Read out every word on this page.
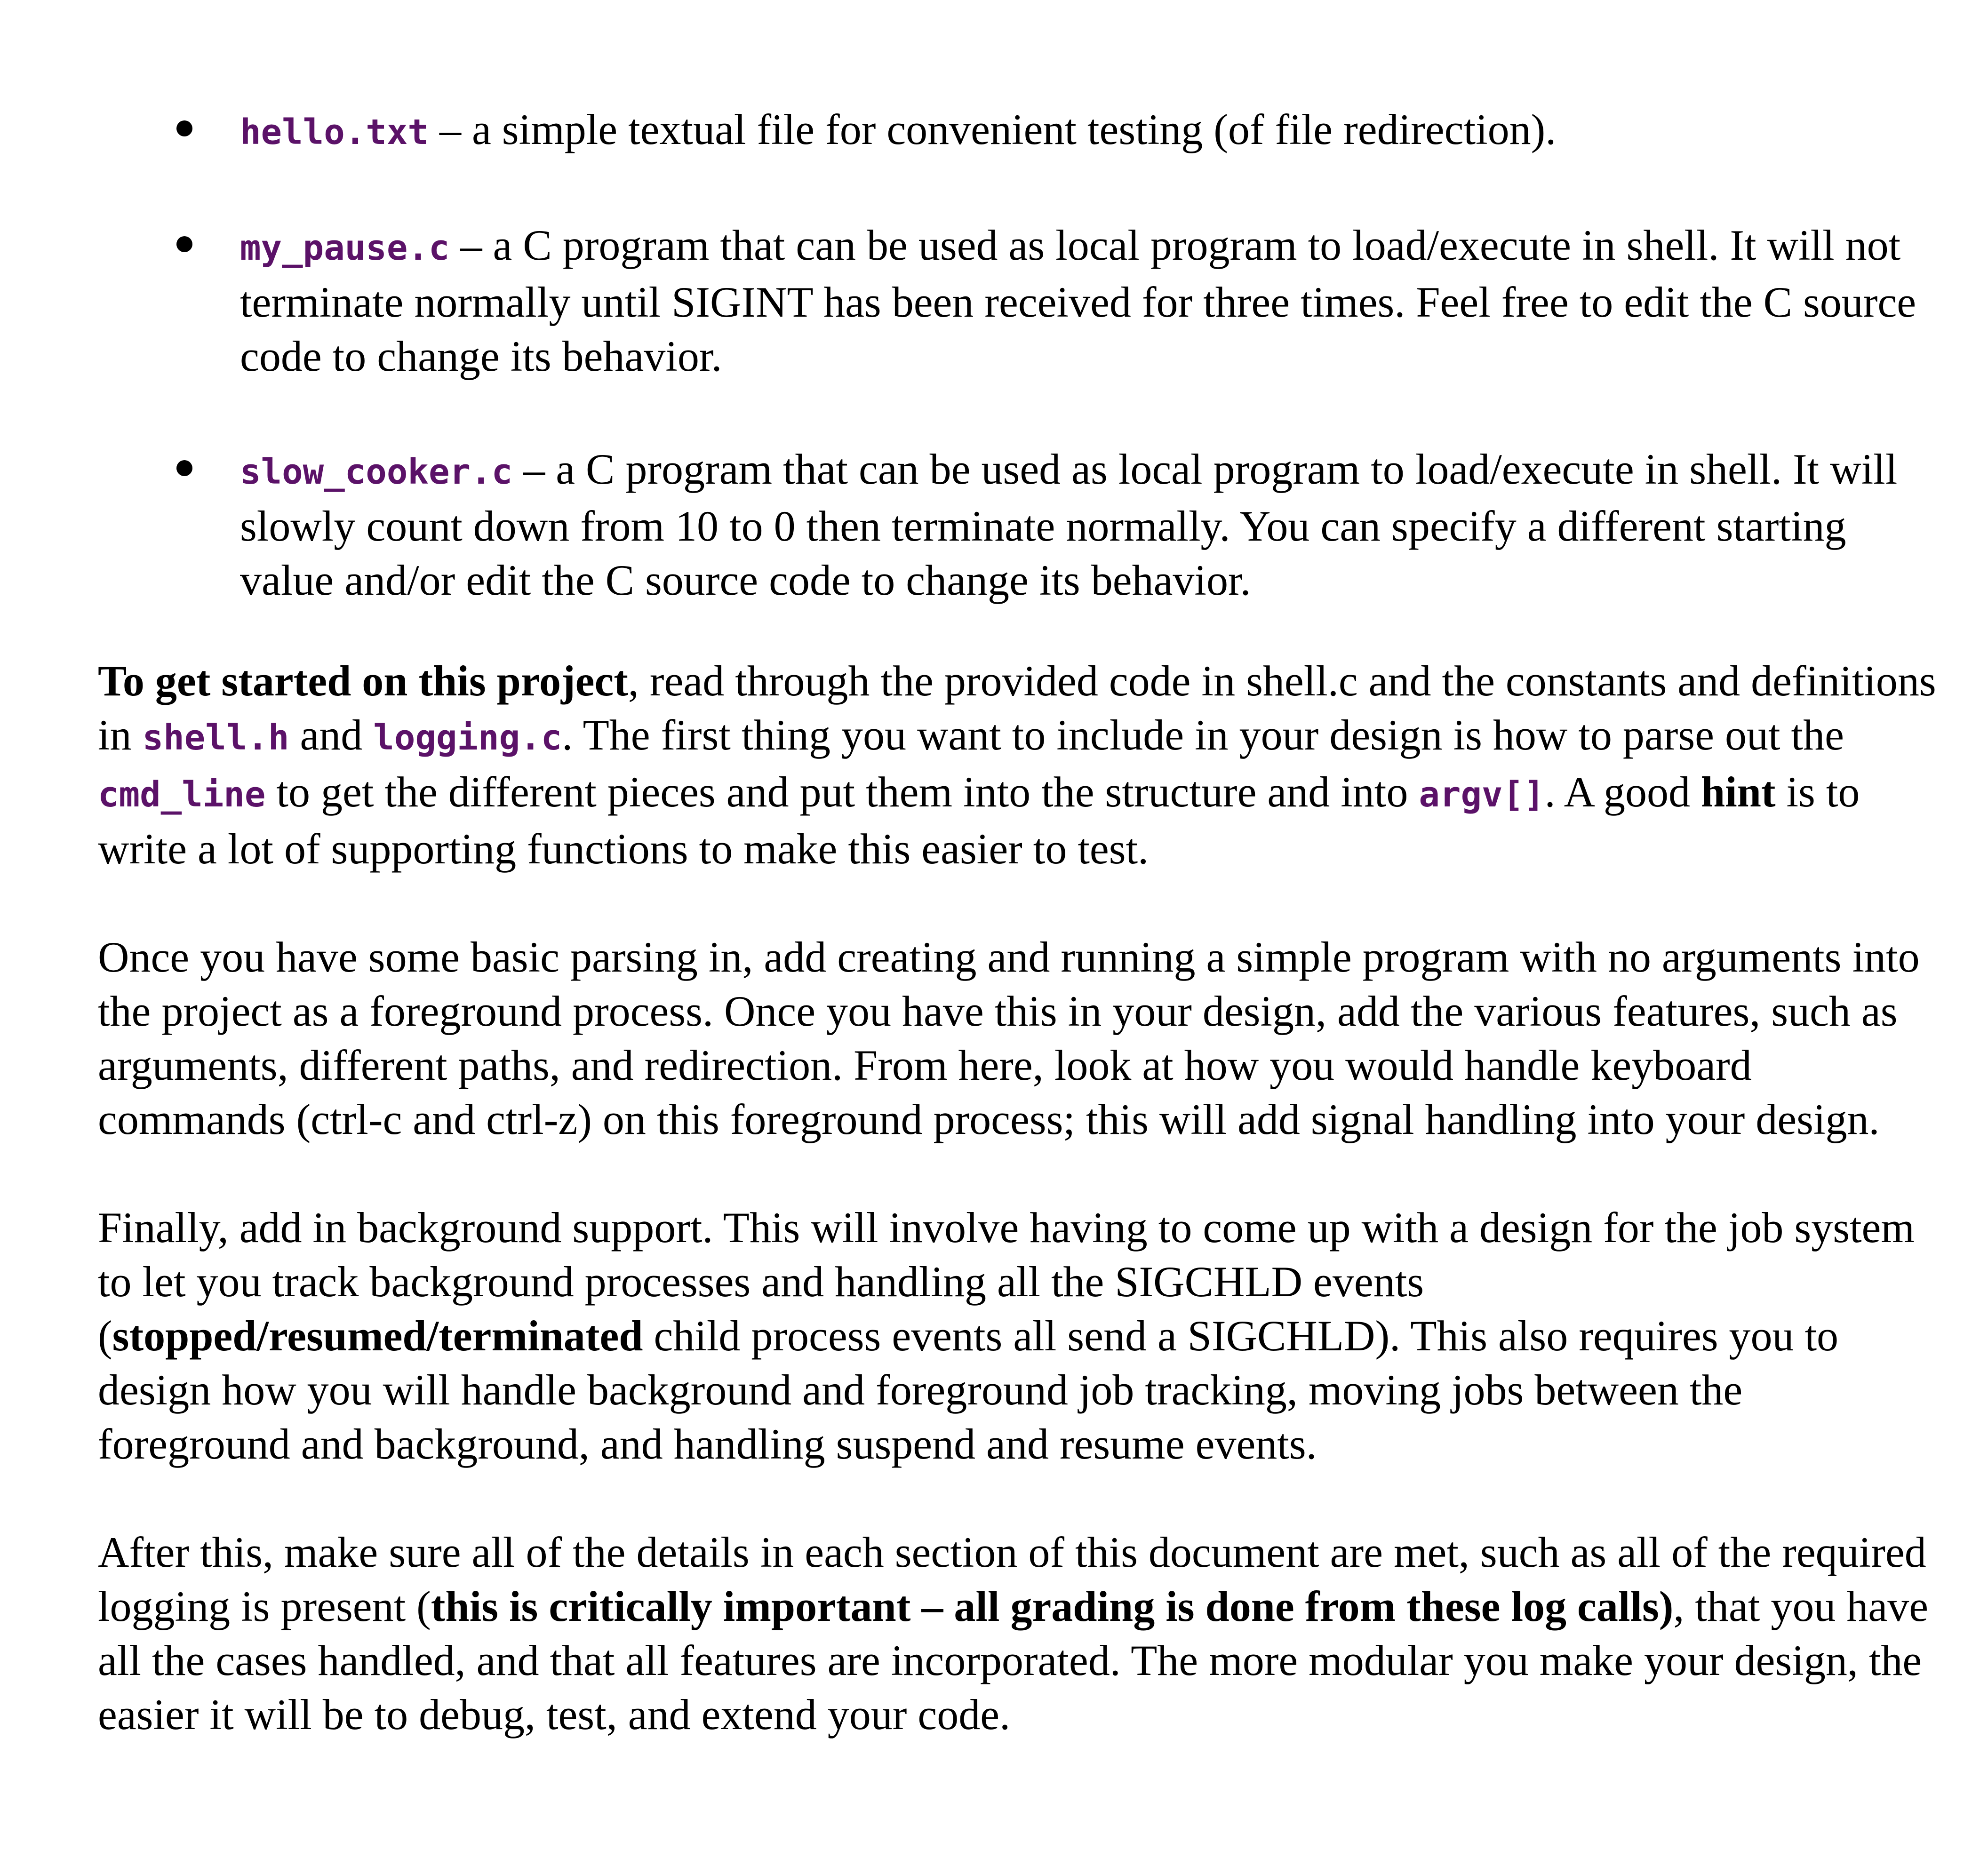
hello.txt – a simple textual file for convenient testing (of file redirection).
my_pause.c – a C program that can be used as local program to load/execute in shell. It will not terminate normally until SIGINT has been received for three times. Feel free to edit the C source code to change its behavior.
slow_cooker.c – a C program that can be used as local program to load/execute in shell. It will slowly count down from 10 to 0 then terminate normally. You can specify a different starting value and/or edit the C source code to change its behavior.

To get started on this project, read through the provided code in shell.c and the constants and definitions in shell.h and logging.c. The first thing you want to include in your design is how to parse out the cmd_line to get the different pieces and put them into the structure and into argv[]. A good hint is to write a lot of supporting functions to make this easier to test.

Once you have some basic parsing in, add creating and running a simple program with no arguments into the project as a foreground process. Once you have this in your design, add the various features, such as arguments, different paths, and redirection. From here, look at how you would handle keyboard commands (ctrl-c and ctrl-z) on this foreground process; this will add signal handling into your design.

Finally, add in background support. This will involve having to come up with a design for the job system to let you track background processes and handling all the SIGCHLD events (stopped/resumed/terminated child process events all send a SIGCHLD). This also requires you to design how you will handle background and foreground job tracking, moving jobs between the foreground and background, and handling suspend and resume events.

After this, make sure all of the details in each section of this document are met, such as all of the required logging is present (this is critically important – all grading is done from these log calls), that you have all the cases handled, and that all features are incorporated. The more modular you make your design, the easier it will be to debug, test, and extend your code.
